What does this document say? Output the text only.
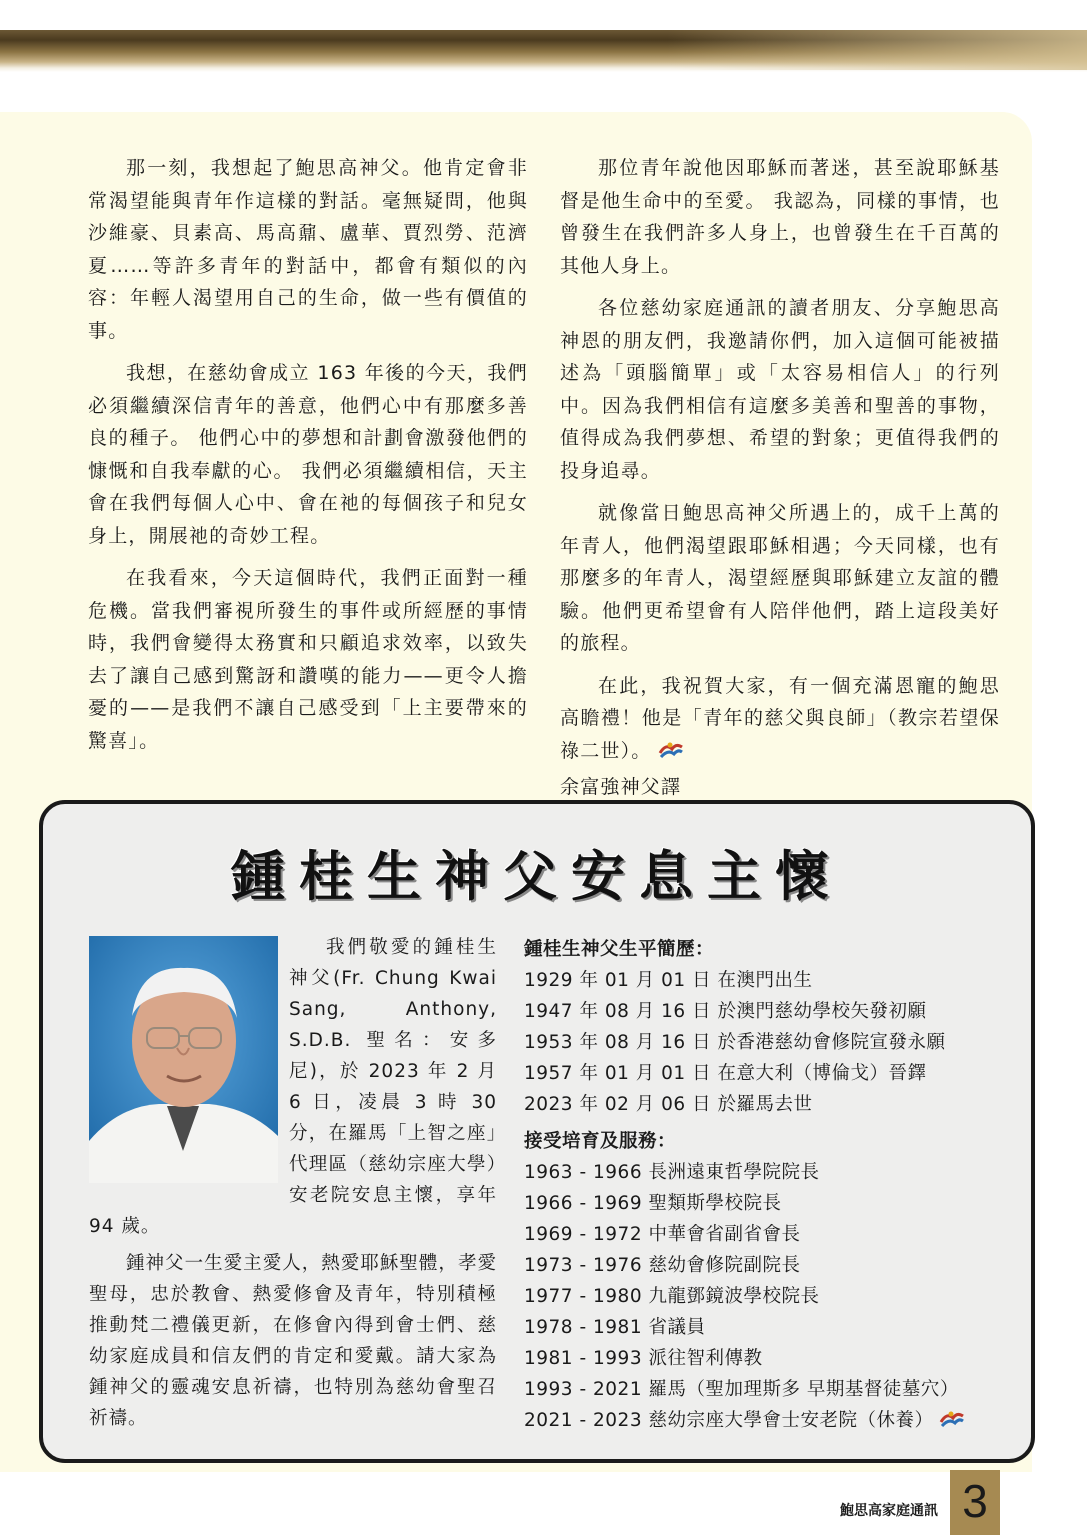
那一刻，我想起了鮑思高神父。他肯定會非常渴望能與青年作這樣的對話。毫無疑問，他與沙維豪、貝素高、馬高鼐、盧華、賈烈勞、范濟夏……等許多青年的對話中，都會有類似的內容：年輕人渴望用自己的生命，做一些有價值的事。

我想，在慈幼會成立 163 年後的今天，我們必須繼續深信青年的善意，他們心中有那麼多善良的種子。 他們心中的夢想和計劃會激發他們的慷慨和自我奉獻的心。 我們必須繼續相信，天主會在我們每個人心中、會在祂的每個孩子和兒女身上，開展祂的奇妙工程。

在我看來，今天這個時代，我們正面對一種危機。當我們審視所發生的事件或所經歷的事情時，我們會變得太務實和只顧追求效率，以致失去了讓自己感到驚訝和讚嘆的能力——更令人擔憂的——是我們不讓自己感受到「上主要帶來的驚喜」。

那位青年說他因耶穌而著迷，甚至說耶穌基督是他生命中的至愛。 我認為，同樣的事情，也曾發生在我們許多人身上，也曾發生在千百萬的其他人身上。

各位慈幼家庭通訊的讀者朋友、分享鮑思高神恩的朋友們，我邀請你們，加入這個可能被描述為「頭腦簡單」或「太容易相信人」的行列中。因為我們相信有這麼多美善和聖善的事物，值得成為我們夢想、希望的對象；更值得我們的投身追尋。

就像當日鮑思高神父所遇上的，成千上萬的年青人，他們渴望跟耶穌相遇；今天同樣，也有那麼多的年青人，渴望經歷與耶穌建立友誼的體驗。他們更希望會有人陪伴他們，踏上這段美好的旅程。

在此，我祝賀大家，有一個充滿恩寵的鮑思高瞻禮！他是「青年的慈父與良師」（教宗若望保祿二世）。

余富強神父譯

鍾桂生神父安息主懷

我們敬愛的鍾桂生神父(Fr. Chung Kwai Sang, Anthony, S.D.B. 聖名：安多尼)，於 2023 年 2 月 6 日，凌晨 3 時 30 分，在羅馬「上智之座」代理區（慈幼宗座大學）安老院安息主懷，享年 94 歲。

鍾神父一生愛主愛人，熱愛耶穌聖體，孝愛聖母，忠於教會、熱愛修會及青年，特別積極推動梵二禮儀更新，在修會內得到會士們、慈幼家庭成員和信友們的肯定和愛戴。請大家為鍾神父的靈魂安息祈禱，也特別為慈幼會聖召祈禱。

鍾桂生神父生平簡歷：

1929 年 01 月 01 日 在澳門出生

1947 年 08 月 16 日 於澳門慈幼學校矢發初願

1953 年 08 月 16 日 於香港慈幼會修院宣發永願

1957 年 01 月 01 日 在意大利（博倫戈）晉鐸

2023 年 02 月 06 日 於羅馬去世

接受培育及服務：

1963 - 1966 長洲遠東哲學院院長

1966 - 1969 聖類斯學校院長

1969 - 1972 中華會省副省會長

1973 - 1976 慈幼會修院副院長

1977 - 1980 九龍鄧鏡波學校院長

1978 - 1981 省議員

1981 - 1993 派往智利傳教

1993 - 2021 羅馬（聖加理斯多 早期基督徒墓穴）

2021 - 2023 慈幼宗座大學會士安老院（休養）

鮑思高家庭通訊 3
